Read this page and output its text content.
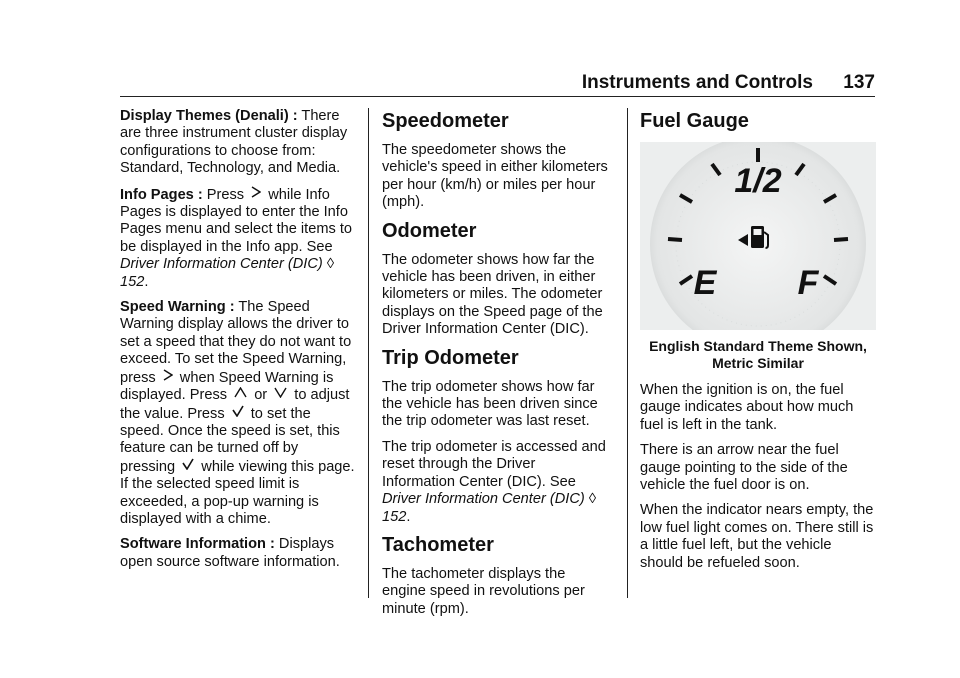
Instruments and Controls 137

Display Themes (Denali) : There are three instrument cluster display configurations to choose from: Standard, Technology, and Media.

Info Pages : Press  while Info Pages is displayed to enter the Info Pages menu and select the items to be displayed in the Info app. See Driver Information Center (DIC) ◊ 152.

Speed Warning : The Speed Warning display allows the driver to set a speed that they do not want to exceed. To set the Speed Warning, press  when Speed Warning is displayed. Press  or  to adjust the value. Press  to set the speed. Once the speed is set, this feature can be turned off by pressing  while viewing this page. If the selected speed limit is exceeded, a pop-up warning is displayed with a chime.

Software Information : Displays open source software information.

Speedometer

The speedometer shows the vehicle's speed in either kilometers per hour (km/h) or miles per hour (mph).

Odometer

The odometer shows how far the vehicle has been driven, in either kilometers or miles. The odometer displays on the Speed page of the Driver Information Center (DIC).

Trip Odometer

The trip odometer shows how far the vehicle has been driven since the trip odometer was last reset.

The trip odometer is accessed and reset through the Driver Information Center (DIC). See Driver Information Center (DIC) ◊ 152.

Tachometer

The tachometer displays the engine speed in revolutions per minute (rpm).

Fuel Gauge
1/2
E F
English Standard Theme Shown,
Metric Similar

When the ignition is on, the fuel gauge indicates about how much fuel is left in the tank.

There is an arrow near the fuel gauge pointing to the side of the vehicle the fuel door is on.

When the indicator nears empty, the low fuel light comes on. There still is a little fuel left, but the vehicle should be refueled soon.
